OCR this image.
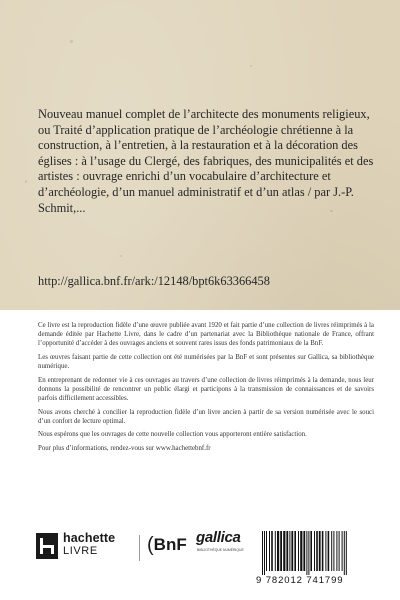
Nouveau manuel complet de l’architecte des monuments religieux, ou Traité d’application pratique de l’archéologie chrétienne à la construction, à l’entretien, à la restauration et à la décoration des églises : à l’usage du Clergé, des fabriques, des municipalités et des artistes : ouvrage enrichi d’un vocabulaire d’architecture et d’archéologie, d’un manuel administratif et d’un atlas / par J.-P. Schmit,...
http://gallica.bnf.fr/ark:/12148/bpt6k63366458

Ce livre est la reproduction fidèle d’une œuvre publiée avant 1920 et fait partie d’une collection de livres réimprimés à la demande éditée par Hachette Livre, dans le cadre d’un partenariat avec la Bibliothèque nationale de France, offrant l’opportunité d’accéder à des ouvrages anciens et souvent rares issus des fonds patrimoniaux de la BnF.

Les œuvres faisant partie de cette collection ont été numérisées par la BnF et sont présentes sur Gallica, sa bibliothèque numérique.

En entreprenant de redonner vie à ces ouvrages au travers d’une collection de livres réimprimés à la demande, nous leur donnons la possibilité de rencontrer un public élargi et participons à la transmission de connaissances et de savoirs parfois difficilement accessibles.

Nous avons cherché à concilier la reproduction fidèle d’un livre ancien à partir de sa version numérisée avec le souci d’un confort de lecture optimal.

Nous espérons que les ouvrages de cette nouvelle collection vous apporteront entière satisfaction.

Pour plus d’informations, rendez-vous sur www.hachettebnf.fr

hachette
LIVRE (BnF gallica
BIBLIOTHÈQUE NUMÉRIQUE
9 782012 741799
